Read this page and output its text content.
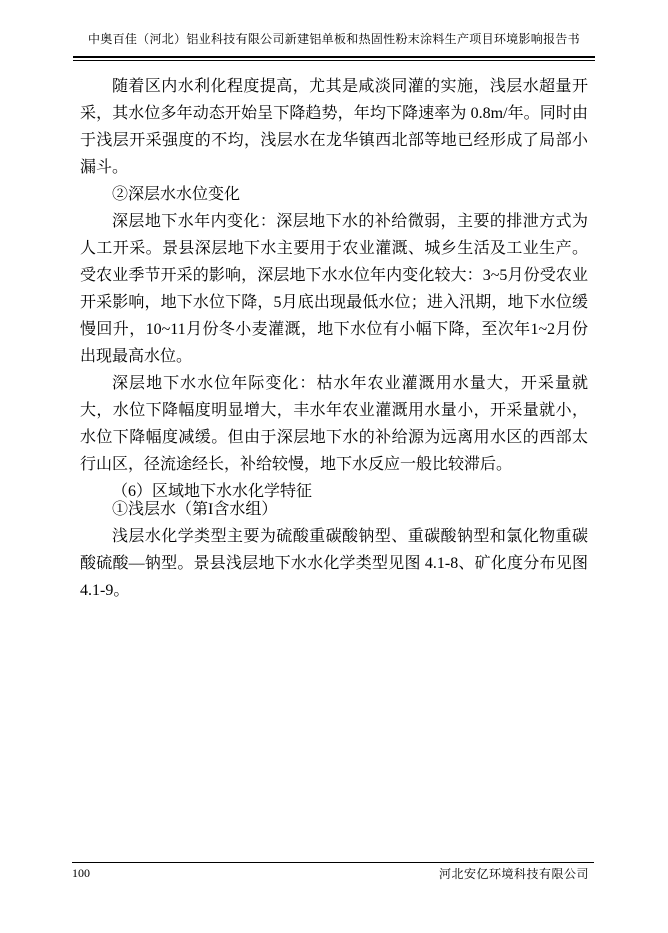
中奥百佳（河北）铝业科技有限公司新建铝单板和热固性粉末涂料生产项目环境影响报告书

随着区内水利化程度提高，尤其是咸淡同灌的实施，浅层水超量开采，其水位多年动态开始呈下降趋势，年均下降速率为 0.8m/年。同时由于浅层开采强度的不均，浅层水在龙华镇西北部等地已经形成了局部小漏斗。

②深层水水位变化

深层地下水年内变化：深层地下水的补给微弱，主要的排泄方式为人工开采。景县深层地下水主要用于农业灌溉、城乡生活及工业生产。受农业季节开采的影响，深层地下水水位年内变化较大：3~5月份受农业开采影响，地下水位下降，5月底出现最低水位；进入汛期，地下水位缓慢回升，10~11月份冬小麦灌溉，地下水位有小幅下降，至次年1~2月份出现最高水位。

深层地下水水位年际变化：枯水年农业灌溉用水量大，开采量就大，水位下降幅度明显增大，丰水年农业灌溉用水量小，开采量就小，水位下降幅度减缓。但由于深层地下水的补给源为远离用水区的西部太行山区，径流途经长，补给较慢，地下水反应一般比较滞后。

（6）区域地下水水化学特征

①浅层水（第I含水组）

浅层水化学类型主要为硫酸重碳酸钠型、重碳酸钠型和氯化物重碳酸硫酸—钠型。景县浅层地下水水化学类型见图 4.1-8、矿化度分布见图 4.1-9。

100	河北安亿环境科技有限公司
